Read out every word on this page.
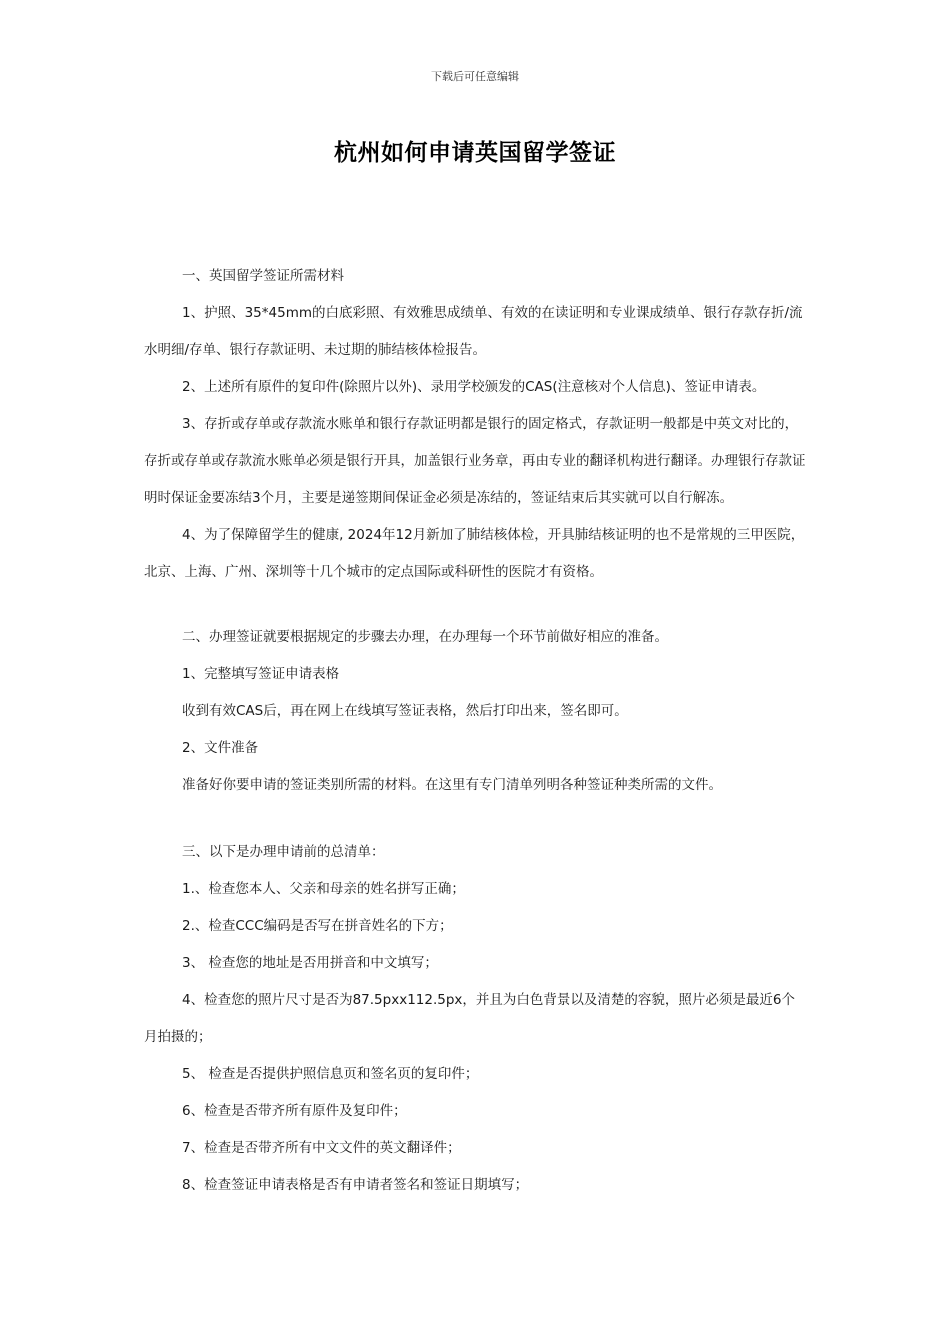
下载后可任意编辑
杭州如何申请英国留学签证

一、英国留学签证所需材料

1、护照、35*45mm的白底彩照、有效雅思成绩单、有效的在读证明和专业课成绩单、银行存款存折/流水明细/存单、银行存款证明、未过期的肺结核体检报告。

2、上述所有原件的复印件(除照片以外)、录用学校颁发的CAS(注意核对个人信息)、签证申请表。

3、存折或存单或存款流水账单和银行存款证明都是银行的固定格式，存款证明一般都是中英文对比的，存折或存单或存款流水账单必须是银行开具，加盖银行业务章，再由专业的翻译机构进行翻译。办理银行存款证明时保证金要冻结3个月，主要是递签期间保证金必须是冻结的，签证结束后其实就可以自行解冻。

4、为了保障留学生的健康, 2024年12月新加了肺结核体检，开具肺结核证明的也不是常规的三甲医院，北京、上海、广州、深圳等十几个城市的定点国际或科研性的医院才有资格。

二、办理签证就要根据规定的步骤去办理，在办理每一个环节前做好相应的准备。

1、完整填写签证申请表格

收到有效CAS后，再在网上在线填写签证表格，然后打印出来，签名即可。

2、文件准备

准备好你要申请的签证类别所需的材料。在这里有专门清单列明各种签证种类所需的文件。

三、以下是办理申请前的总清单：

1.、检查您本人、父亲和母亲的姓名拼写正确；

2.、检查CCC编码是否写在拼音姓名的下方；

3、 检查您的地址是否用拼音和中文填写；

4、检查您的照片尺寸是否为87.5pxx112.5px，并且为白色背景以及清楚的容貌，照片必须是最近6个月拍摄的；

5、 检查是否提供护照信息页和签名页的复印件；

6、检查是否带齐所有原件及复印件；

7、检查是否带齐所有中文文件的英文翻译件；

8、检查签证申请表格是否有申请者签名和签证日期填写；
